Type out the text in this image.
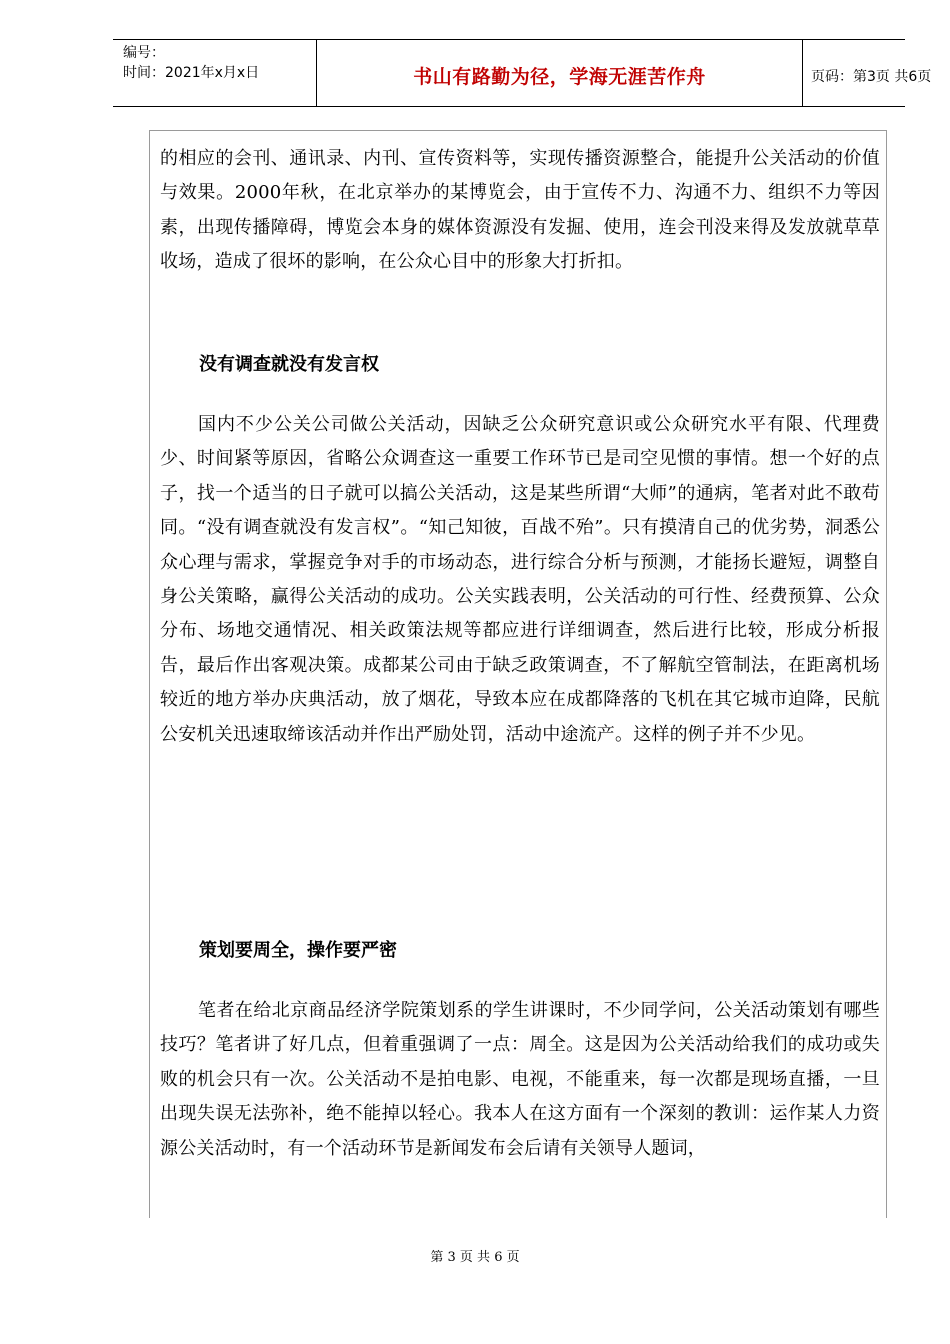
编号：
时间：2021年x月x日	书山有路勤为径，学海无涯苦作舟	页码：第3页 共6页
的相应的会刊、通讯录、内刊、宣传资料等，实现传播资源整合，能提升公关活动的价值与效果。2000年秋，在北京举办的某博览会，由于宣传不力、沟通不力、组织不力等因素，出现传播障碍，博览会本身的媒体资源没有发掘、使用，连会刊没来得及发放就草草收场，造成了很坏的影响，在公众心目中的形象大打折扣。
没有调查就没有发言权
国内不少公关公司做公关活动，因缺乏公众研究意识或公众研究水平有限、代理费少、时间紧等原因，省略公众调查这一重要工作环节已是司空见惯的事情。想一个好的点子，找一个适当的日子就可以搞公关活动，这是某些所谓“大师”的通病，笔者对此不敢苟同。“没有调查就没有发言权”。“知己知彼，百战不殆”。只有摸清自己的优劣势，洞悉公众心理与需求，掌握竞争对手的市场动态，进行综合分析与预测，才能扬长避短，调整自身公关策略，赢得公关活动的成功。公关实践表明，公关活动的可行性、经费预算、公众分布、场地交通情况、相关政策法规等都应进行详细调查，然后进行比较，形成分析报告，最后作出客观决策。成都某公司由于缺乏政策调查，不了解航空管制法，在距离机场较近的地方举办庆典活动，放了烟花，导致本应在成都降落的飞机在其它城市迫降，民航公安机关迅速取缔该活动并作出严励处罚，活动中途流产。这样的例子并不少见。
策划要周全，操作要严密
笔者在给北京商品经济学院策划系的学生讲课时，不少同学问，公关活动策划有哪些技巧？笔者讲了好几点，但着重强调了一点：周全。这是因为公关活动给我们的成功或失败的机会只有一次。公关活动不是拍电影、电视，不能重来，每一次都是现场直播，一旦出现失误无法弥补，绝不能掉以轻心。我本人在这方面有一个深刻的教训：运作某人力资源公关活动时，有一个活动环节是新闻发布会后请有关领导人题词，
第 3 页 共 6 页
